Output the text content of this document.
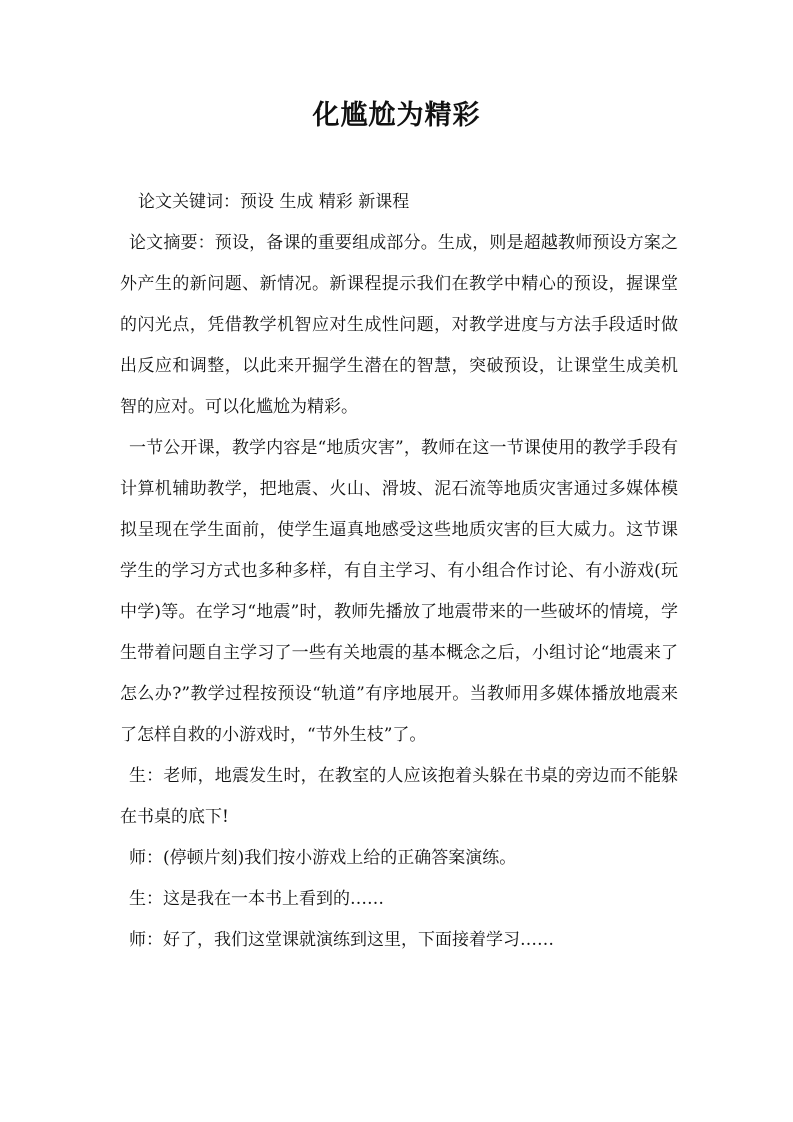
化尴尬为精彩

论文关键词：预设 生成 精彩 新课程

论文摘要：预设，备课的重要组成部分。生成，则是超越教师预设方案之外产生的新问题、新情况。新课程提示我们在教学中精心的预设，握课堂的闪光点，凭借教学机智应对生成性问题，对教学进度与方法手段适时做出反应和调整，以此来开掘学生潜在的智慧，突破预设，让课堂生成美机智的应对。可以化尴尬为精彩。

一节公开课，教学内容是“地质灾害”，教师在这一节课使用的教学手段有计算机辅助教学，把地震、火山、滑坡、泥石流等地质灾害通过多媒体模拟呈现在学生面前，使学生逼真地感受这些地质灾害的巨大威力。这节课学生的学习方式也多种多样，有自主学习、有小组合作讨论、有小游戏(玩中学)等。在学习“地震”时，教师先播放了地震带来的一些破坏的情境，学生带着问题自主学习了一些有关地震的基本概念之后，小组讨论“地震来了怎么办?”教学过程按预设“轨道”有序地展开。当教师用多媒体播放地震来了怎样自救的小游戏时，“节外生枝”了。

生：老师，地震发生时，在教室的人应该抱着头躲在书桌的旁边而不能躲在书桌的底下!

师：(停顿片刻)我们按小游戏上给的正确答案演练。

生：这是我在一本书上看到的……

师：好了，我们这堂课就演练到这里，下面接着学习……
